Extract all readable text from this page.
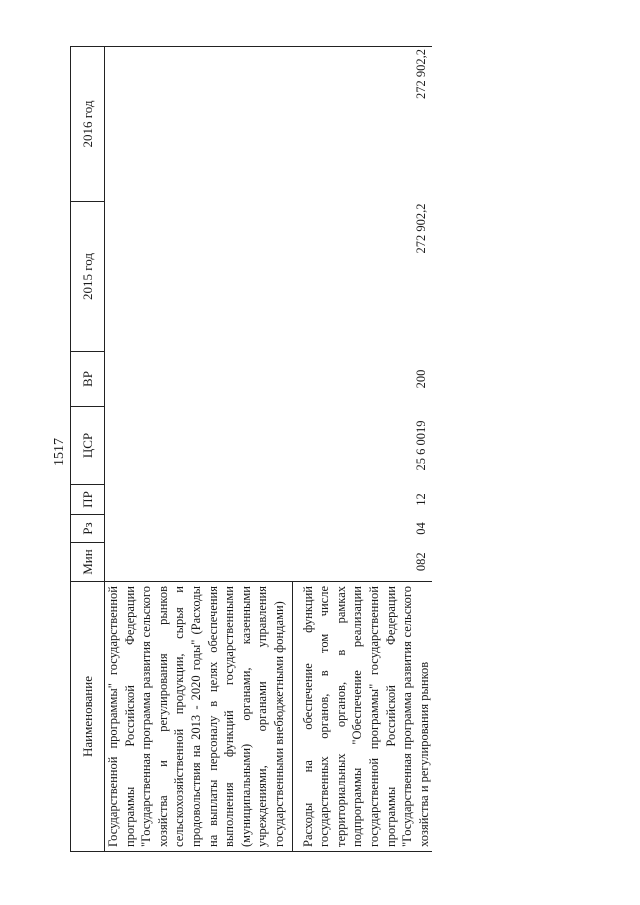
1517
Наименование	Мин	Рз	ПР	ЦСР	ВР	2015 год	2016 год
Государственной программы" государственной программы Российской Федерации "Государственная программа развития сельского хозяйства и регулирования рынков сельскохозяйственной продукции, сырья и продовольствия на 2013 - 2020 годы" (Расходы на выплаты персоналу в целях обеспечения выполнения функций государственными (муниципальными) органами, казенными учреждениями, органами управления государственными внебюджетными фондами)							
Расходы на обеспечение функций государственных органов, в том числе территориальных органов, в рамках подпрограммы "Обеспечение реализации государственной программы" государственной программы Российской Федерации "Государственная программа развития сельского хозяйства и регулирования рынков	082	04	12	25 6 0019	200	272 902,2	272 902,2
